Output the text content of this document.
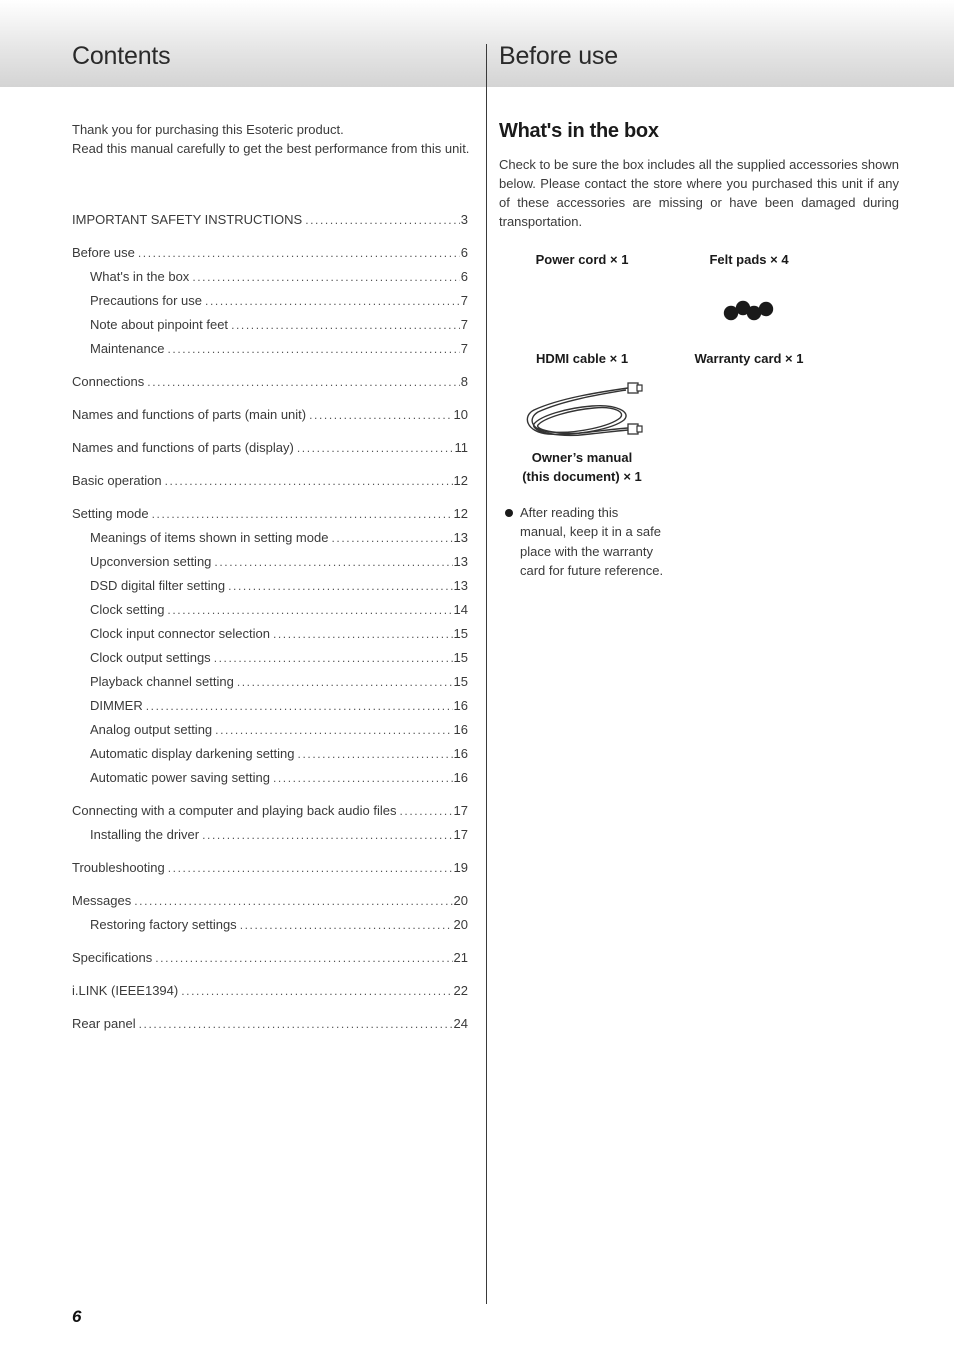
Contents	Before use

Thank you for purchasing this Esoteric product.

Read this manual carefully to get the best performance from this unit.

IMPORTANT SAFETY INSTRUCTIONS .....	3
Before use .....	6
What's in the box .....	6
Precautions for use .....	7
Note about pinpoint feet .....	7
Maintenance .....	7
Connections .....	8
Names and functions of parts (main unit) .....	10
Names and functions of parts (display) .....	11
Basic operation .....	12
Setting mode .....	12
Meanings of items shown in setting mode .....	13
Upconversion setting .....	13
DSD digital filter setting .....	13
Clock setting .....	14
Clock input connector selection .....	15
Clock output settings .....	15
Playback channel setting .....	15
DIMMER .....	16
Analog output setting .....	16
Automatic display darkening setting .....	16
Automatic power saving setting .....	16
Connecting with a computer and playing back audio files .....	17
Installing the driver .....	17
Troubleshooting .....	19
Messages .....	20
Restoring factory settings .....	20
Specifications .....	21
i.LINK (IEEE1394) .....	22
Rear panel .....	24
What's in the box

Check to be sure the box includes all the supplied accessories shown below. Please contact the store where you purchased this unit if any of these accessories are missing or have been damaged during transportation.

Power cord × 1	Felt pads × 4
HDMI cable × 1	Warranty card × 1
Owner’s manual
(this document) × 1
After reading this manual, keep it in a safe place with the warranty card for future reference.
6
